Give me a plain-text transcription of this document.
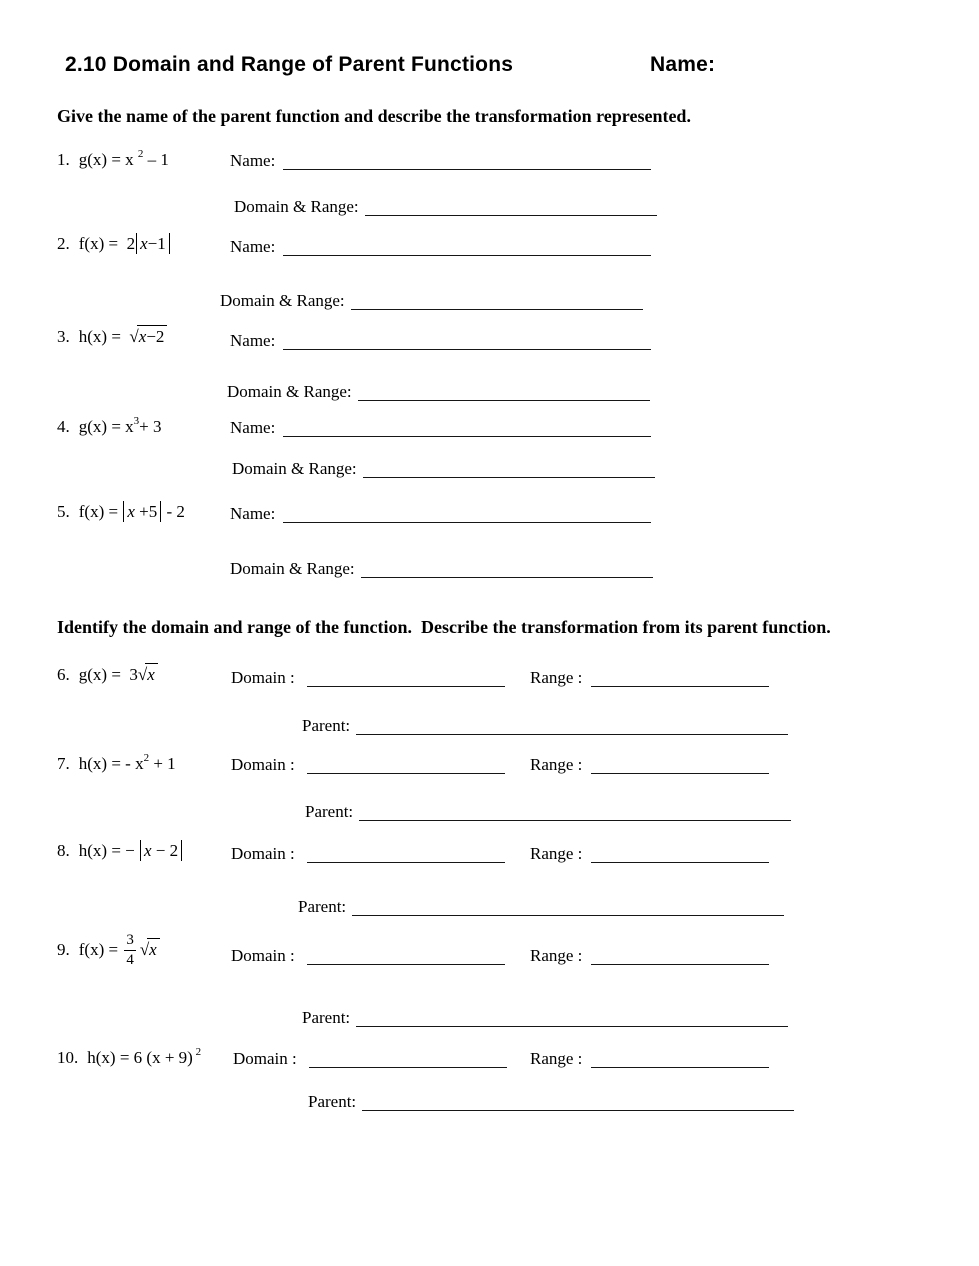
2.10 Domain and Range of Parent Functions	Name:
Give the name of the parent function and describe the transformation represented.
1. g(x) = x $^2$ – 1	Name:
Domain & Range:
2. f(x) =  2 x−1	Name:
Domain & Range:
3. h(x) =  √x−2	Name:
Domain & Range:
4. $g(x) = x^3+ 3$	Name:
Domain & Range:
5. f(x) = x +5 - 2	Name:
Domain & Range:
Identify the domain and range of the function.  Describe the transformation from its parent function.
6. g(x) =  3√x	Domain :	Range :
Parent:
7. h(x) = - $x^2 + 1$	Domain :	Range :
Parent:
8. h(x) = − x − 2	Domain :	Range :
Parent:
9. $f(x) = \frac{3}{4} √x$	Domain :	Range :
Parent:
10. h(x) = 6 (x + 9) $^2$ Domain :	Range :
Parent:
